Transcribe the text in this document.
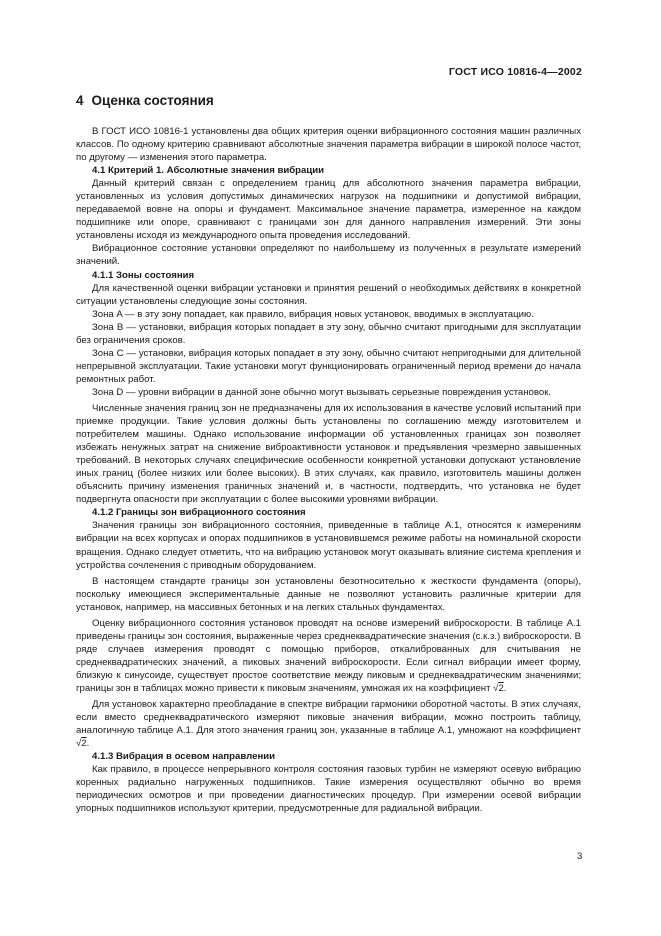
ГОСТ ИСО 10816-4—2002
4 Оценка состояния

В ГОСТ ИСО 10816-1 установлены два общих критерия оценки вибрационного состояния машин различных классов. По одному критерию сравнивают абсолютные значения параметра вибрации в широкой полосе частот, по другому — изменения этого параметра.

4.1 Критерий 1. Абсолютные значения вибрации

Данный критерий связан с определением границ для абсолютного значения параметра вибрации, установленных из условия допустимых динамических нагрузок на подшипники и допустимой вибрации, передаваемой вовне на опоры и фундамент. Максимальное значение параметра, измеренное на каждом подшипнике или опоре, сравнивают с границами зон для данного направления измерений. Эти зоны установлены исходя из международного опыта проведения исследований.

Вибрационное состояние установки определяют по наибольшему из полученных в результате измерений значений.

4.1.1 Зоны состояния

Для качественной оценки вибрации установки и принятия решений о необходимых действиях в конкретной ситуации установлены следующие зоны состояния.

Зона A — в эту зону попадает, как правило, вибрация новых установок, вводимых в эксплуатацию.

Зона B — установки, вибрация которых попадает в эту зону, обычно считают пригодными для эксплуатации без ограничения сроков.

Зона C — установки, вибрация которых попадает в эту зону, обычно считают непригодными для длительной непрерывной эксплуатации. Такие установки могут функционировать ограниченный период времени до начала ремонтных работ.

Зона D — уровни вибрации в данной зоне обычно могут вызывать серьезные повреждения установок.

Численные значения границ зон не предназначены для их использования в качестве условий испытаний при приемке продукции. Такие условия должны быть установлены по соглашению между изготовителем и потребителем машины. Однако использование информации об установленных границах зон позволяет избежать ненужных затрат на снижение виброактивности установок и предъявления чрезмерно завышенных требований. В некоторых случаях специфические особенности конкретной установки допускают установление иных границ (более низких или более высоких). В этих случаях, как правило, изготовитель машины должен объяснить причину изменения граничных значений и, в частности, подтвердить, что установка не будет подвергнута опасности при эксплуатации с более высокими уровнями вибрации.

4.1.2 Границы зон вибрационного состояния

Значения границы зон вибрационного состояния, приведенные в таблице А.1, относятся к измерениям вибрации на всех корпусах и опорах подшипников в установившемся режиме работы на номинальной скорости вращения. Однако следует отметить, что на вибрацию установок могут оказывать влияние система крепления и устройства сочленения с приводным оборудованием.

В настоящем стандарте границы зон установлены безотносительно к жесткости фундамента (опоры), поскольку имеющиеся экспериментальные данные не позволяют установить различные критерии для установок, например, на массивных бетонных и на легких стальных фундаментах.

Оценку вибрационного состояния установок проводят на основе измерений виброскорости. В таблице А.1 приведены границы зон состояния, выраженные через среднеквадратические значения (с.к.з.) виброскорости. В ряде случаев измерения проводят с помощью приборов, откалиброванных для считывания не среднеквадратических значений, а пиковых значений виброскорости. Если сигнал вибрации имеет форму, близкую к синусоиде, существует простое соответствие между пиковым и среднеквадратическим значениями; границы зон в таблицах можно привести к пиковым значениям, умножая их на коэффициент √2.

Для установок характерно преобладание в спектре вибрации гармоники оборотной частоты. В этих случаях, если вместо среднеквадратического измеряют пиковые значения вибрации, можно построить таблицу, аналогичную таблице А.1. Для этого значения границ зон, указанные в таблице А.1, умножают на коэффициент √2.

4.1.3 Вибрация в осевом направлении

Как правило, в процессе непрерывного контроля состояния газовых турбин не измеряют осевую вибрацию коренных радиально нагруженных подшипников. Такие измерения осуществляют обычно во время периодических осмотров и при проведении диагностических процедур. При измерении осевой вибрации упорных подшипников используют критерии, предусмотренные для радиальной вибрации.

3
